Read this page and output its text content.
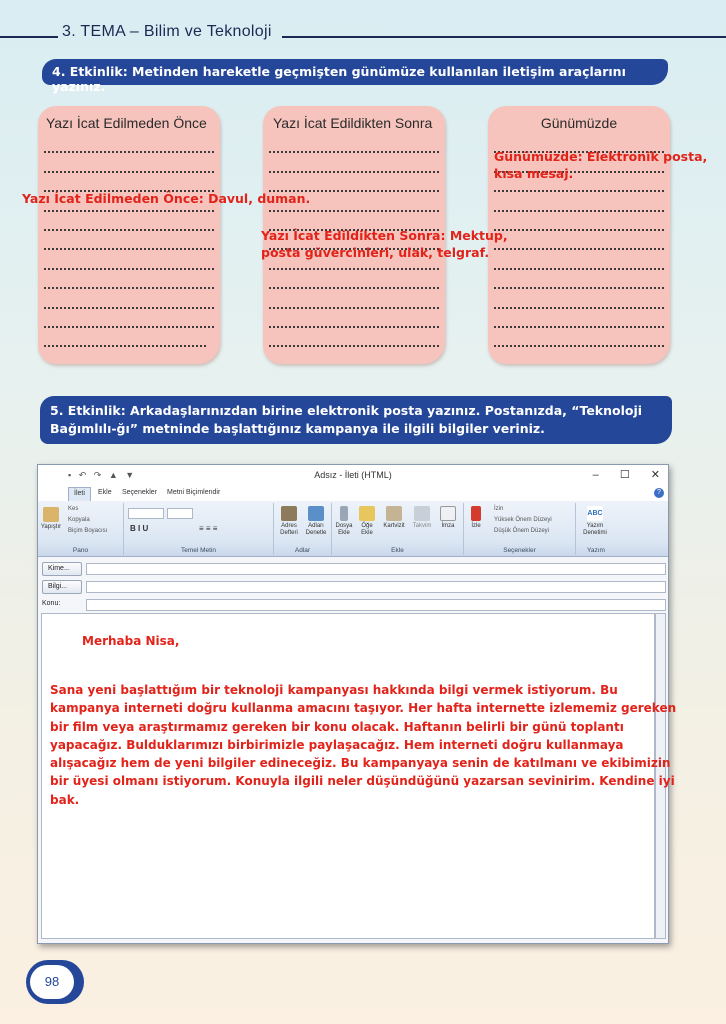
3. TEMA – Bilim ve Teknoloji
4. Etkinlik: Metinden hareketle geçmişten günümüze kullanılan iletişim araçlarını yazınız.
Yazı İcat Edilmeden Önce	Yazı İcat Edildikten Sonra	Günümüzde
Yazı İcat Edilmeden Önce: Davul, duman.
Yazı İcat Edildikten Sonra: Mektup, posta güvercinleri, ulak, telgraf.
Günümüzde: Elektronik posta, kısa mesaj.
5. Etkinlik: Arkadaşlarınızdan birine elektronik posta yazınız. Postanızda, “Teknoloji Bağımlılı-ğı” metninde başlattığınız kampanya ile ilgili bilgiler veriniz.
▪ ↶ ↷ ▲ ▼	Adsız - İleti (HTML)	– ☐ ✕
İleti	Ekle Seçenekler Metni Biçimlendir	?
Yapıştır
Kes
Kopyala
Biçim Boyacısı
Pano
B I U	≡ ≡ ≡
Temel Metin
Adres Defteri
Adları Denetle
Adlar
Dosya Ekle
Öğe Ekle
Kartvizit	Takvim	İmza
Ekle
İzle
İzin
Yüksek Önem Düzeyi
Düşük Önem Düzeyi
Seçenekler
ABC
Yazım Denetimi
Yazım
Kime...
Bilgi...
Konu:
Merhaba Nisa,
Sana yeni başlattığım bir teknoloji kampanyası hakkında bilgi vermek istiyorum. Bu kampanya interneti doğru kullanma amacını taşıyor. Her hafta internette izlememiz gereken bir film veya araştırmamız gereken bir konu olacak. Haftanın belirli bir günü toplantı yapacağız. Bulduklarımızı birbirimizle paylaşacağız. Hem interneti doğru kullanmaya alışacağız hem de yeni bilgiler edineceğiz. Bu kampanyaya senin de katılmanı ve ekibimizin bir üyesi olmanı istiyorum. Konuyla ilgili neler düşündüğünü yazarsan sevinirim. Kendine iyi bak.
98
